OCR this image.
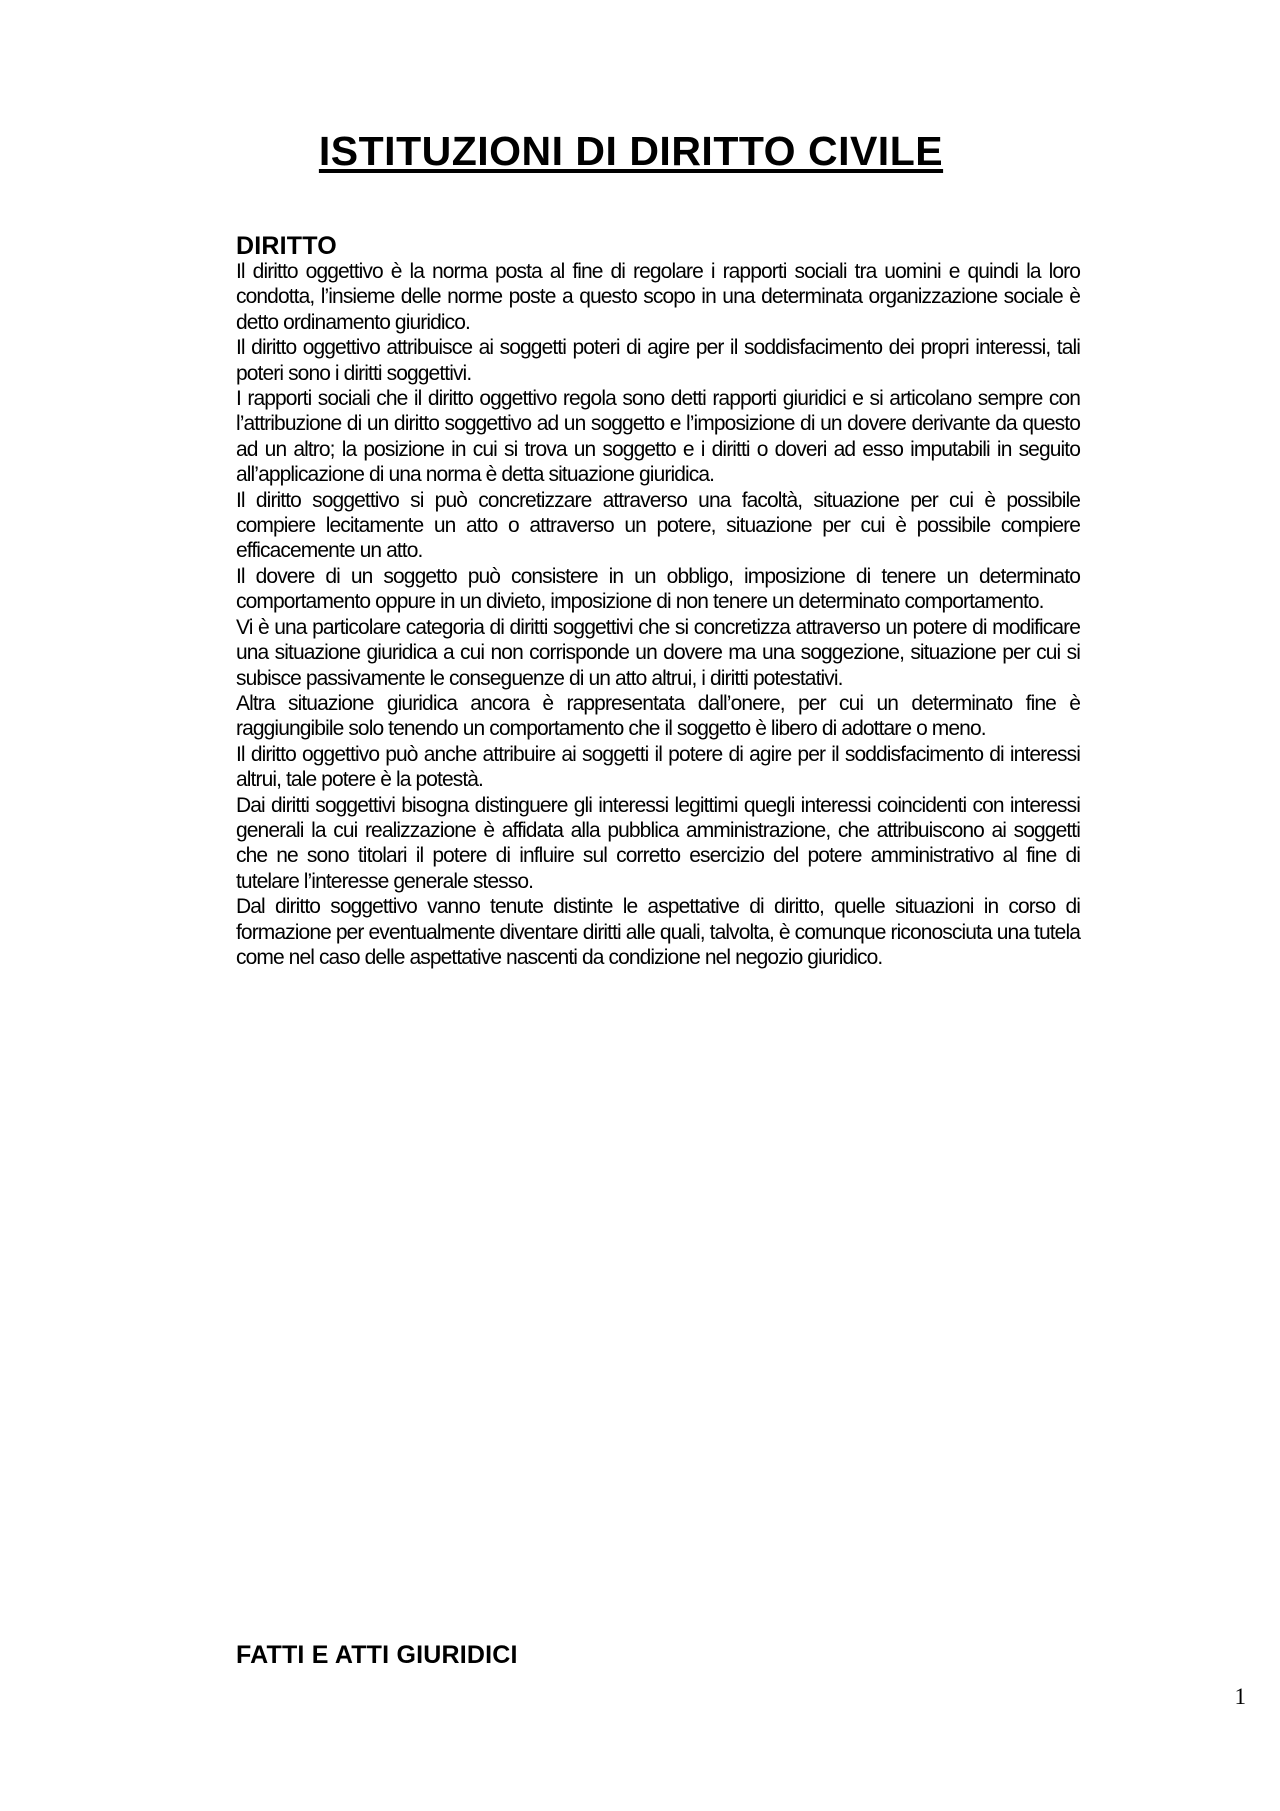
ISTITUZIONI DI DIRITTO CIVILE
DIRITTO

Il diritto oggettivo è la norma posta al fine di regolare i rapporti sociali tra uomini e quindi la loro condotta, l’insieme delle norme poste a questo scopo in una determinata organizzazione sociale è detto ordinamento giuridico.

Il diritto oggettivo attribuisce ai soggetti poteri di agire per il soddisfacimento dei propri interessi, tali poteri sono i diritti soggettivi.

I rapporti sociali che il diritto oggettivo regola sono detti rapporti giuridici e si articolano sempre con l’attribuzione di un diritto soggettivo ad un soggetto e l’imposizione di un dovere derivante da questo ad un altro; la posizione in cui si trova un soggetto e i diritti o doveri ad esso imputabili in seguito all’applicazione di una norma è detta situazione giuridica.

Il diritto soggettivo si può concretizzare attraverso una facoltà, situazione per cui è possibile compiere lecitamente un atto o attraverso un potere, situazione per cui è possibile compiere efficacemente un atto.

Il dovere di un soggetto può consistere in un obbligo, imposizione di tenere un determinato comportamento oppure in un divieto, imposizione di non tenere un determinato comportamento.

Vi è una particolare categoria di diritti soggettivi che si concretizza attraverso un potere di modificare una situazione giuridica a cui non corrisponde un dovere ma una soggezione, situazione per cui si subisce passivamente le conseguenze di un atto altrui, i diritti potestativi.

Altra situazione giuridica ancora è rappresentata dall’onere, per cui un determinato fine è raggiungibile solo tenendo un comportamento che il soggetto è libero di adottare o meno.

Il diritto oggettivo può anche attribuire ai soggetti il potere di agire per il soddisfacimento di interessi altrui, tale potere è la potestà.

Dai diritti soggettivi bisogna distinguere gli interessi legittimi quegli interessi coincidenti con interessi generali la cui realizzazione è affidata alla pubblica amministrazione, che attribuiscono ai soggetti che ne sono titolari il potere di influire sul corretto esercizio del potere amministrativo al fine di tutelare l’interesse generale stesso.

Dal diritto soggettivo vanno tenute distinte le aspettative di diritto, quelle situazioni in corso di formazione per eventualmente diventare diritti alle quali, talvolta, è comunque riconosciuta una tutela come nel caso delle aspettative nascenti da condizione nel negozio giuridico.

FATTI E ATTI GIURIDICI
1
